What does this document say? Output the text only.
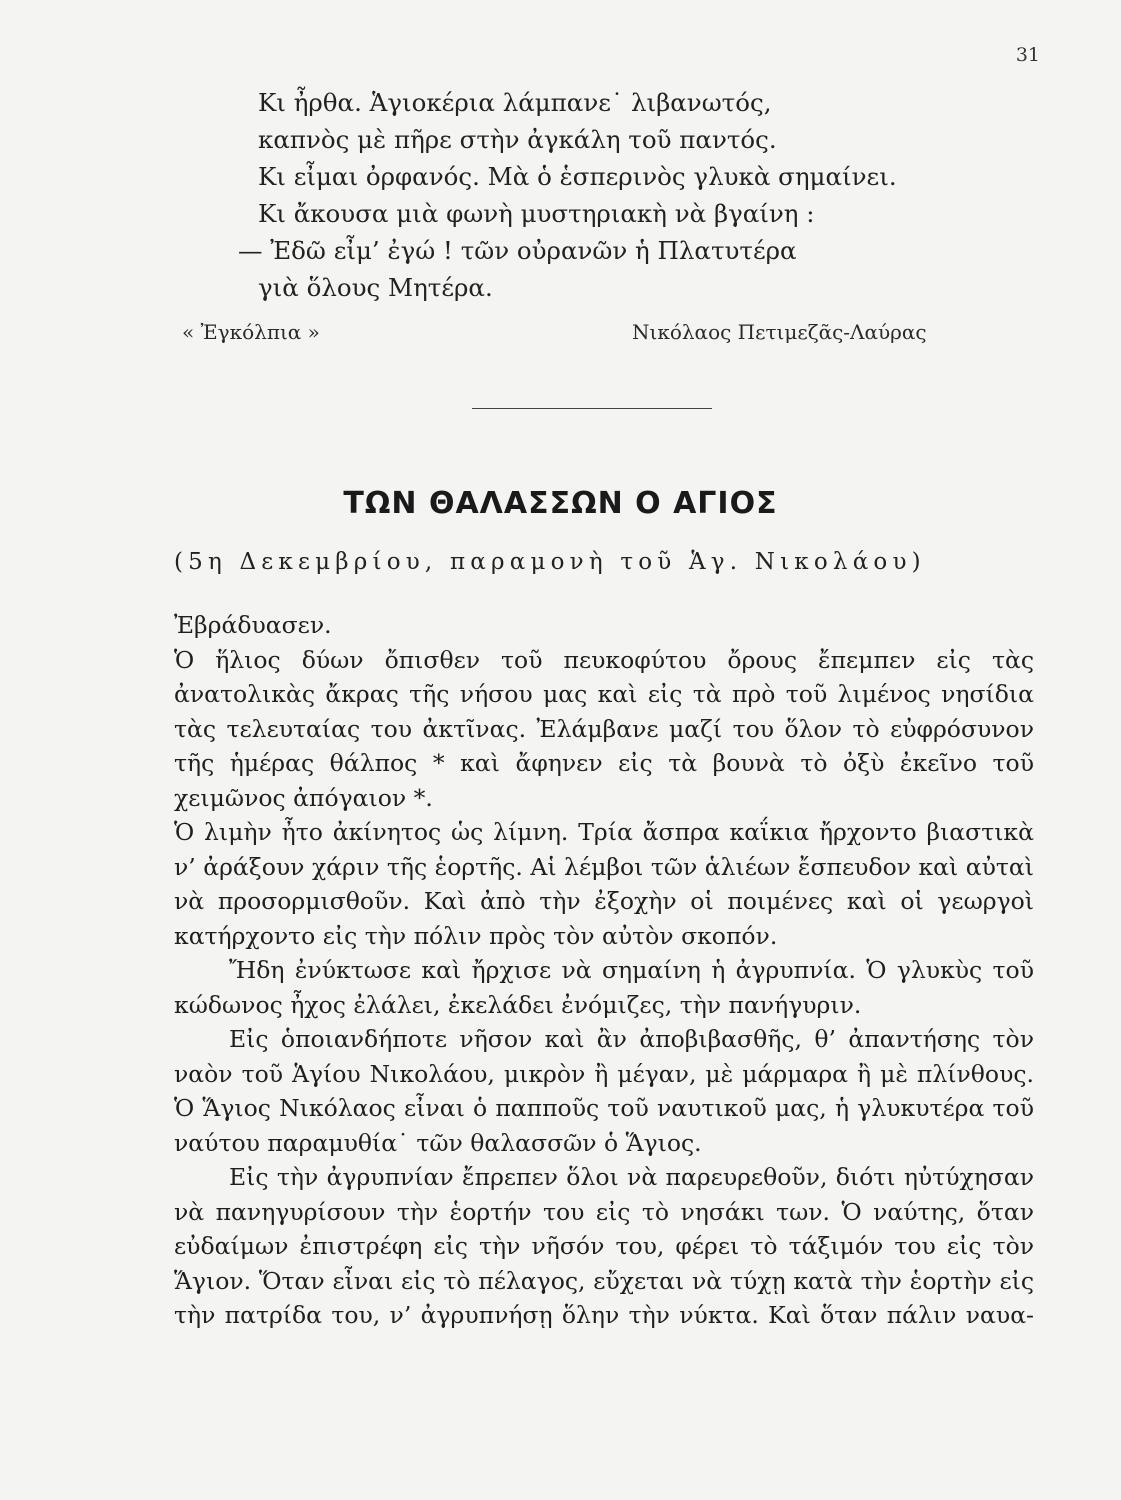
31
Κι ἦρθα. Ἁγιοκέρια λάμπανε˙ λιβανωτός,
καπνὸς μὲ πῆρε στὴν ἀγκάλη τοῦ παντός.
Κι εἶμαι ὀρφανός. Μὰ ὁ ἑσπερινὸς γλυκὰ σημαίνει.
Κι ἄκουσα μιὰ φωνὴ μυστηριακὴ νὰ βγαίνη :
— Ἐδῶ εἶμ’ ἐγώ ! τῶν οὐρανῶν ἡ Πλατυτέρα
γιὰ ὅλους Μητέρα.
« Ἐγκόλπια »	Νικόλαος Πετιμεζᾶς-Λαύρας
ΤΩΝ ΘΑΛΑΣΣΩΝ Ο ΑΓΙΟΣ
(5η Δεκεμβρίου, παραμονὴ τοῦ Ἁγ. Νικολάου)

Ἐβράδυασεν.

Ὁ ἥλιος δύων ὄπισθεν τοῦ πευκοφύτου ὄρους ἔπεμπεν εἰς τὰς ἀνατολικὰς ἄκρας τῆς νήσου μας καὶ εἰς τὰ πρὸ τοῦ λιμένος νησίδια τὰς τελευταίας του ἀκτῖνας. Ἐλάμβανε μαζί του ὅλον τὸ εὐφρόσυνον τῆς ἡμέρας θάλπος * καὶ ἄφηνεν εἰς τὰ βουνὰ τὸ ὀξὺ ἐκεῖνο τοῦ χειμῶνος ἀπόγαιον *.

Ὁ λιμὴν ἦτο ἀκίνητος ὡς λίμνη. Τρία ἄσπρα καΐκια ἤρχοντο βιαστικὰ ν’ ἀράξουν χάριν τῆς ἑορτῆς. Αἱ λέμβοι τῶν ἁλιέων ἔσπευδον καὶ αὐταὶ νὰ προσορμισθοῦν. Καὶ ἀπὸ τὴν ἐξοχὴν οἱ ποιμένες καὶ οἱ γεωργοὶ κατήρχοντο εἰς τὴν πόλιν πρὸς τὸν αὐτὸν σκοπόν.

Ἤδη ἐνύκτωσε καὶ ἤρχισε νὰ σημαίνη ἡ ἀγρυπνία. Ὁ γλυκὺς τοῦ κώδωνος ἦχος ἐλάλει, ἐκελάδει ἐνόμιζες, τὴν πανήγυριν.

Εἰς ὁποιανδήποτε νῆσον καὶ ἂν ἀποβιβασθῆς, θ’ ἀπαντήσης τὸν ναὸν τοῦ Ἁγίου Νικολάου, μικρὸν ἢ μέγαν, μὲ μάρμαρα ἢ μὲ πλίνθους. Ὁ Ἅγιος Νικόλαος εἶναι ὁ παπποῦς τοῦ ναυτικοῦ μας, ἡ γλυκυτέρα τοῦ ναύτου παραμυθία˙ τῶν θαλασσῶν ὁ Ἅγιος.

Εἰς τὴν ἀγρυπνίαν ἔπρεπεν ὅλοι νὰ παρευρεθοῦν, διότι ηὐτύχησαν νὰ πανηγυρίσουν τὴν ἑορτήν του εἰς τὸ νησάκι των. Ὁ ναύτης, ὅταν εὐδαίμων ἐπιστρέφη εἰς τὴν νῆσόν του, φέρει τὸ τάξιμόν του εἰς τὸν Ἅγιον. Ὅταν εἶναι εἰς τὸ πέλαγος, εὔχεται νὰ τύχῃ κατὰ τὴν ἑορτὴν εἰς τὴν πατρίδα του, ν’ ἀγρυπνήσῃ ὅλην τὴν νύκτα. Καὶ ὅταν πάλιν ναυα-
